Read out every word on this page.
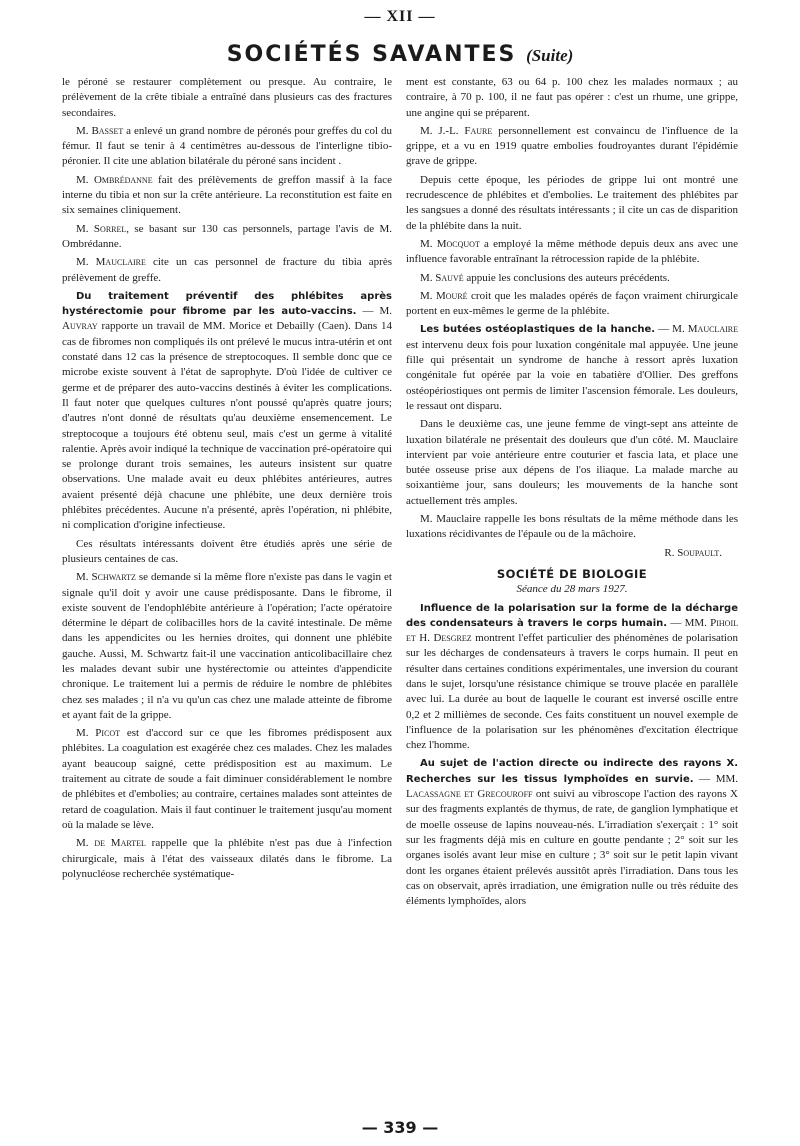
— XII —
SOCIÉTÉS SAVANTES (Suite)

le péroné se restaurer complètement ou presque. Au contraire, le prélèvement de la crête tibiale a entraîné dans plusieurs cas des fractures secondaires.

M. Basset a enlevé un grand nombre de péronés pour greffes du col du fémur. Il faut se tenir à 4 centimètres au-dessous de l'interligne tibio-péronier. Il cite une ablation bilatérale du péroné sans incident .

M. Ombrédanne fait des prélèvements de greffon massif à la face interne du tibia et non sur la crête antérieure. La reconstitution est faite en six semaines cliniquement.

M. Sorrel, se basant sur 130 cas personnels, partage l'avis de M. Ombrédanne.

M. Mauclaire cite un cas personnel de fracture du tibia après prélèvement de greffe.

Du traitement préventif des phlébites après hystérectomie pour fibrome par les auto-vaccins. — M. Auvray rapporte un travail de MM. Morice et Debailly (Caen). Dans 14 cas de fibromes non compliqués ils ont prélevé le mucus intra-utérin et ont constaté dans 12 cas la présence de streptocoques. Il semble donc que ce microbe existe souvent à l'état de saprophyte. D'où l'idée de cultiver ce germe et de préparer des auto-vaccins destinés à éviter les complications. Il faut noter que quelques cultures n'ont poussé qu'après quatre jours; d'autres n'ont donné de résultats qu'au deuxième ensemencement. Le streptocoque a toujours été obtenu seul, mais c'est un germe à vitalité ralentie. Après avoir indiqué la technique de vaccination pré-opératoire qui se prolonge durant trois semaines, les auteurs insistent sur quatre observations. Une malade avait eu deux phlébites antérieures, autres avaient présenté déjà chacune une phlébite, une deux dernière trois phlébites précédentes. Aucune n'a présenté, après l'opération, ni phlébite, ni complication d'origine infectieuse.

Ces résultats intéressants doivent être étudiés après une série de plusieurs centaines de cas.

M. Schwartz se demande si la même flore n'existe pas dans le vagin et signale qu'il doit y avoir une cause prédisposante. Dans le fibrome, il existe souvent de l'endophlébite antérieure à l'opération; l'acte opératoire détermine le départ de colibacilles hors de la cavité intestinale. De même dans les appendicites ou les hernies droites, qui donnent une phlébite gauche. Aussi, M. Schwartz fait-il une vaccination anticolibacillaire chez les malades devant subir une hystérectomie ou atteintes d'appendicite chronique. Le traitement lui a permis de réduire le nombre de phlébites chez ses malades ; il n'a vu qu'un cas chez une malade atteinte de fibrome et ayant fait de la grippe.

M. Picot est d'accord sur ce que les fibromes prédisposent aux phlébites. La coagulation est exagérée chez ces malades. Chez les malades ayant beaucoup saigné, cette prédisposition est au maximum. Le traitement au citrate de soude a fait diminuer considérablement le nombre de phlébites et d'embolies; au contraire, certaines malades sont atteintes de retard de coagulation. Mais il faut continuer le traitement jusqu'au moment où la malade se lève.

M. de Martel rappelle que la phlébite n'est pas due à l'infection chirurgicale, mais à l'état des vaisseaux dilatés dans le fibrome. La polynucléose recherchée systématique-

ment est constante, 63 ou 64 p. 100 chez les malades normaux ; au contraire, à 70 p. 100, il ne faut pas opérer : c'est un rhume, une grippe, une angine qui se préparent.

M. J.-L. Faure personnellement est convaincu de l'influence de la grippe, et a vu en 1919 quatre embolies foudroyantes durant l'épidémie grave de grippe.

Depuis cette époque, les périodes de grippe lui ont montré une recrudescence de phlébites et d'embolies. Le traitement des phlébites par les sangsues a donné des résultats intéressants ; il cite un cas de disparition de la phlébite dans la nuit.

M. Mocquot a employé la même méthode depuis deux ans avec une influence favorable entraînant la rétrocession rapide de la phlébite.

M. Sauvé appuie les conclusions des auteurs précédents.

M. Mouré croit que les malades opérés de façon vraiment chirurgicale portent en eux-mêmes le germe de la phlébite.

Les butées ostéoplastiques de la hanche. — M. Mauclaire est intervenu deux fois pour luxation congénitale mal appuyée. Une jeune fille qui présentait un syndrome de hanche à ressort après luxation congénitale fut opérée par la voie en tabatière d'Ollier. Des greffons ostéopériostiques ont permis de limiter l'ascension fémorale. Les douleurs, le ressaut ont disparu.

Dans le deuxième cas, une jeune femme de vingt-sept ans atteinte de luxation bilatérale ne présentait des douleurs que d'un côté. M. Mauclaire intervient par voie antérieure entre couturier et fascia lata, et place une butée osseuse prise aux dépens de l'os iliaque. La malade marche au soixantième jour, sans douleurs; les mouvements de la hanche sont actuellement très amples.

M. Mauclaire rappelle les bons résultats de la même méthode dans les luxations récidivantes de l'épaule ou de la mâchoire.

R. Soupault.
SOCIÉTÉ DE BIOLOGIE
Séance du 28 mars 1927.

Influence de la polarisation sur la forme de la décharge des condensateurs à travers le corps humain. — MM. Pihoil et H. Desgrez montrent l'effet particulier des phénomènes de polarisation sur les décharges de condensateurs à travers le corps humain. Il peut en résulter dans certaines conditions expérimentales, une inversion du courant dans le sujet, lorsqu'une résistance chimique se trouve placée en parallèle avec lui. La durée au bout de laquelle le courant est inversé oscille entre 0,2 et 2 millièmes de seconde. Ces faits constituent un nouvel exemple de l'influence de la polarisation sur les phénomènes d'excitation électrique chez l'homme.

Au sujet de l'action directe ou indirecte des rayons X. Recherches sur les tissus lymphoïdes en survie. — MM. Lacassagne et Grecouroff ont suivi au vibroscope l'action des rayons X sur des fragments explantés de thymus, de rate, de ganglion lymphatique et de moelle osseuse de lapins nouveau-nés. L'irradiation s'exerçait : 1° soit sur les fragments déjà mis en culture en goutte pendante ; 2° soit sur les organes isolés avant leur mise en culture ; 3° soit sur le petit lapin vivant dont les organes étaient prélevés aussitôt après l'irradiation. Dans tous les cas on observait, après irradiation, une émigration nulle ou très réduite des éléments lymphoïdes, alors

— 339 —
